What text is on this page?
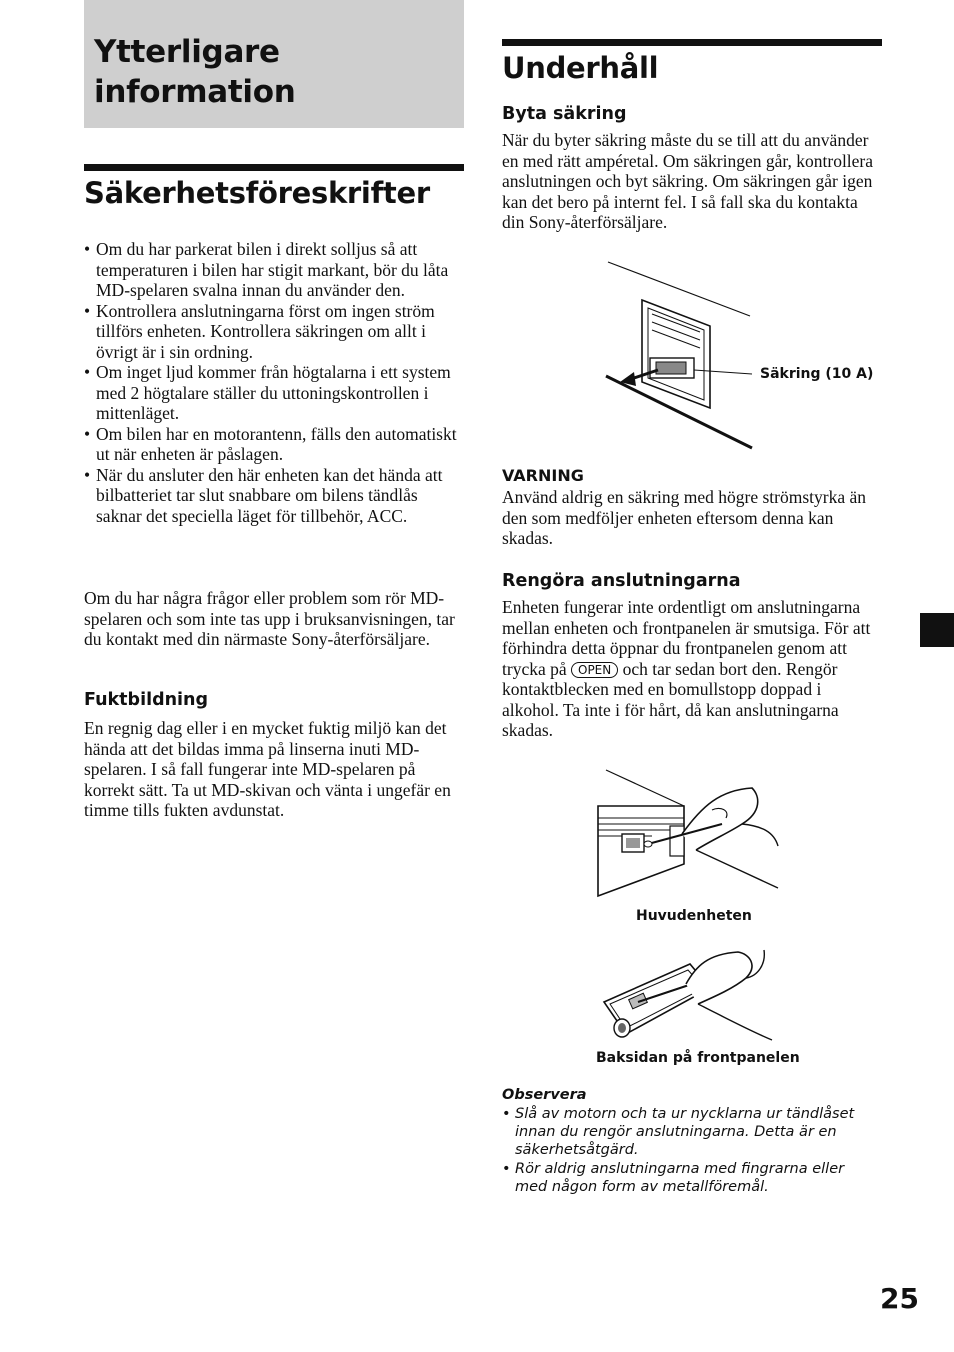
Ytterligare information
Säkerhetsföreskrifter
• Om du har parkerat bilen i direkt solljus så att temperaturen i bilen har stigit markant, bör du låta MD-spelaren svalna innan du använder den.
• Kontrollera anslutningarna först om ingen ström tillförs enheten. Kontrollera säkringen om allt i övrigt är i sin ordning.
• Om inget ljud kommer från högtalarna i ett system med 2 högtalare ställer du uttoningskontrollen i mittenläget.
• Om bilen har en motorantenn, fälls den automatiskt ut när enheten är påslagen.
• När du ansluter den här enheten kan det hända att bilbatteriet tar slut snabbare om bilens tändlås saknar det speciella läget för tillbehör, ACC.

Om du har några frågor eller problem som rör MD-spelaren och som inte tas upp i bruksanvisningen, tar du kontakt med din närmaste Sony-återförsäljare.

Fuktbildning

En regnig dag eller i en mycket fuktig miljö kan det hända att det bildas imma på linserna inuti MD-spelaren. I så fall fungerar inte MD-spelaren på korrekt sätt. Ta ut MD-skivan och vänta i ungefär en timme tills fukten avdunstat.

Underhåll
Byta säkring

När du byter säkring måste du se till att du använder en med rätt ampéretal. Om säkringen går, kontrollera anslutningen och byt säkring. Om säkringen går igen kan det bero på internt fel. I så fall ska du kontakta din Sony-återförsäljare.

Säkring (10 A)
VARNING

Använd aldrig en säkring med högre strömstyrka än den som medföljer enheten eftersom denna kan skadas.

Rengöra anslutningarna

Enheten fungerar inte ordentligt om anslutningarna mellan enheten och frontpanelen är smutsiga. För att förhindra detta öppnar du frontpanelen genom att trycka på OPEN och tar sedan bort den. Rengör kontaktblecken med en bomullstopp doppad i alkohol. Ta inte i för hårt, då kan anslutningarna skadas.

Huvudenheten
Baksidan på frontpanelen
Observera
• Slå av motorn och ta ur nycklarna ur tändlåset innan du rengör anslutningarna. Detta är en säkerhetsåtgärd.
• Rör aldrig anslutningarna med fingrarna eller med någon form av metallföremål.
25
